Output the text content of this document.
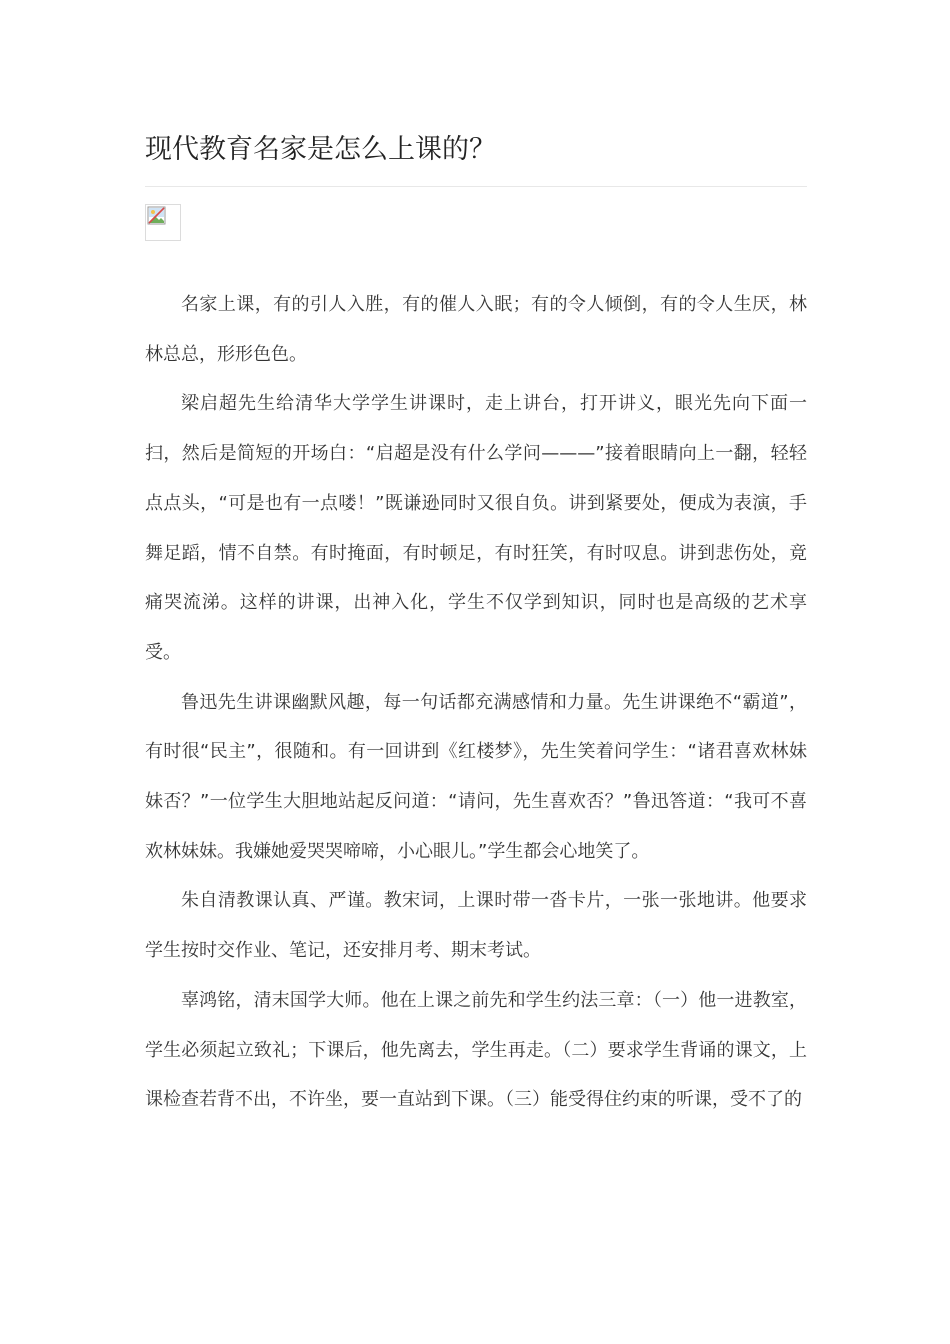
现代教育名家是怎么上课的？

名家上课，有的引人入胜，有的催人入眠；有的令人倾倒，有的令人生厌，林林总总，形形色色。

梁启超先生给清华大学学生讲课时，走上讲台，打开讲义，眼光先向下面一扫，然后是简短的开场白：“启超是没有什么学问———”接着眼睛向上一翻，轻轻点点头，“可是也有一点喽！”既谦逊同时又很自负。讲到紧要处，便成为表演，手舞足蹈，情不自禁。有时掩面，有时顿足，有时狂笑，有时叹息。讲到悲伤处，竟痛哭流涕。这样的讲课，出神入化，学生不仅学到知识，同时也是高级的艺术享受。

鲁迅先生讲课幽默风趣，每一句话都充满感情和力量。先生讲课绝不“霸道”，有时很“民主”，很随和。有一回讲到《红楼梦》，先生笑着问学生：“诸君喜欢林妹妹否？”一位学生大胆地站起反问道：“请问，先生喜欢否？”鲁迅答道：“我可不喜欢林妹妹。我嫌她爱哭哭啼啼，小心眼儿。”学生都会心地笑了。

朱自清教课认真、严谨。教宋词，上课时带一沓卡片，一张一张地讲。他要求学生按时交作业、笔记，还安排月考、期末考试。

辜鸿铭，清末国学大师。他在上课之前先和学生约法三章：（一）他一进教室，学生必须起立致礼；下课后，他先离去，学生再走。（二）要求学生背诵的课文，上课检查若背不出，不许坐，要一直站到下课。（三）能受得住约束的听课，受不了的
